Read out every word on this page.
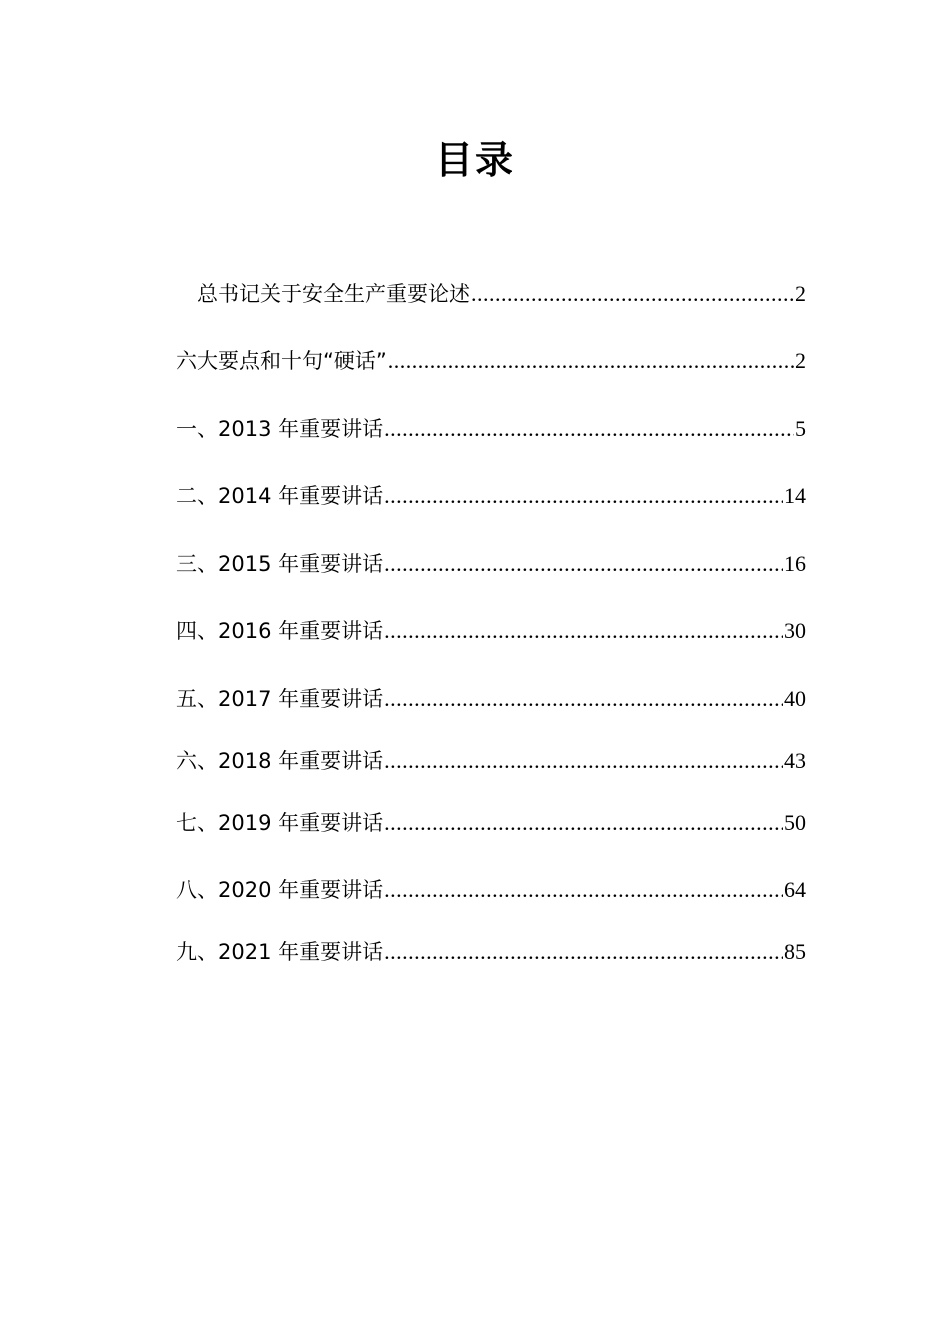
目录
总书记关于安全生产重要论述 .....	2
六大要点和十句“硬话” .....	2
一、2013 年重要讲话 .....	5
二、2014 年重要讲话 .....	14
三、2015 年重要讲话 .....	16
四、2016 年重要讲话 .....	30
五、2017 年重要讲话 .....	40
六、2018 年重要讲话 .....	43
七、2019 年重要讲话 .....	50
八、2020 年重要讲话 .....	64
九、2021 年重要讲话 .....	85
